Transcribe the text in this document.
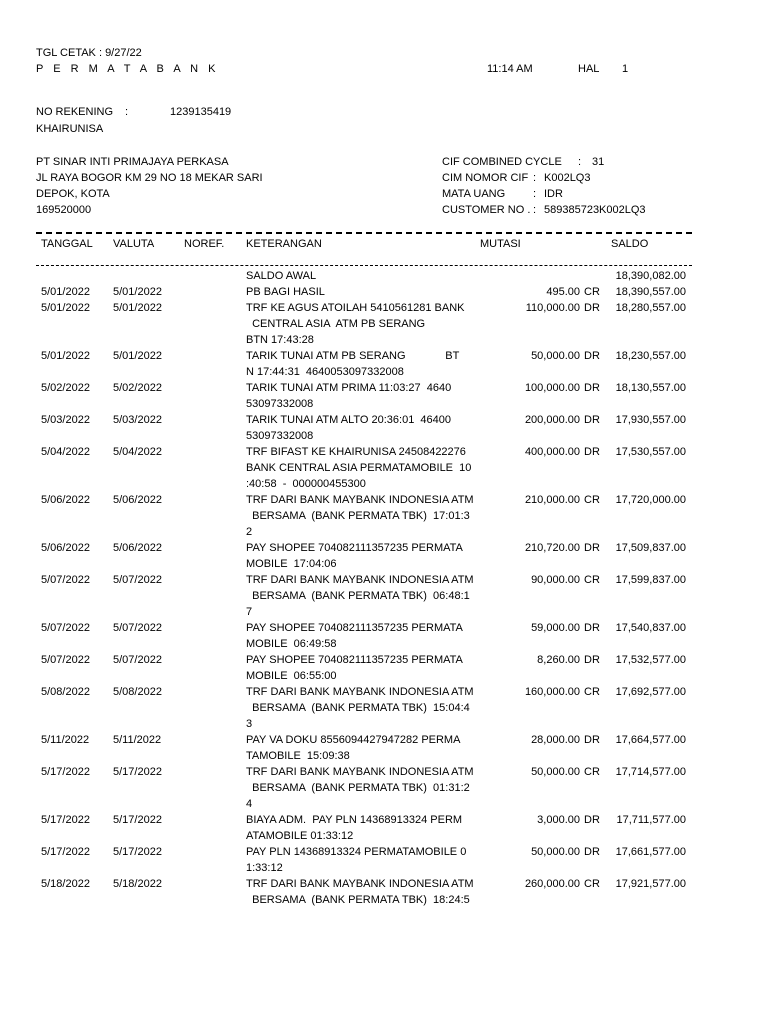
TGL CETAK : 9/27/22
P E R M A T A B A N K	11:14 AM	HAL 1
NO REKENING :	1239135419
KHAIRUNISA
PT SINAR INTI PRIMAJAYA PERKASA
JL RAYA BOGOR KM 29 NO 18 MEKAR SARI
DEPOK, KOTA
169520000
CIF COMBINED CYCLE : 31
CIM NOMOR CIF : K002LQ3
MATA UANG	: IDR
CUSTOMER NO . : 589385723K002LQ3
TANGGAL VALUTA	NOREF. KETERANGAN	MUTASI	SALDO
SALDO AWAL	18,390,082.00
5/01/2022 5/01/2022	PB BAGI HASIL	495.00 CR 18,390,557.00
5/01/2022 5/01/2022	TRF KE AGUS ATOILAH 5410561281 BANK
CENTRAL ASIA  ATM PB SERANG
BTN 17:43:28
110,000.00 DR 18,280,557.00
5/01/2022 5/01/2022	TARIK TUNAI ATM PB SERANG             BT
N 17:44:31  4640053097332008
50,000.00 DR 18,230,557.00
5/02/2022 5/02/2022	TARIK TUNAI ATM PRIMA 11:03:27  4640
53097332008
100,000.00 DR 18,130,557.00
5/03/2022 5/03/2022	TARIK TUNAI ATM ALTO 20:36:01  46400
53097332008
200,000.00 DR 17,930,557.00
5/04/2022 5/04/2022	TRF BIFAST KE KHAIRUNISA 24508422276
BANK CENTRAL ASIA PERMATAMOBILE  10
:40:58  -  000000455300
400,000.00 DR 17,530,557.00
5/06/2022 5/06/2022	TRF DARI BANK MAYBANK INDONESIA ATM
BERSAMA  (BANK PERMATA TBK)  17:01:3
2
210,000.00 CR 17,720,000.00
5/06/2022 5/06/2022	PAY SHOPEE 704082111357235 PERMATA
MOBILE  17:04:06
210,720.00 DR 17,509,837.00
5/07/2022 5/07/2022	TRF DARI BANK MAYBANK INDONESIA ATM
BERSAMA  (BANK PERMATA TBK)  06:48:1
7
90,000.00 CR 17,599,837.00
5/07/2022 5/07/2022	PAY SHOPEE 704082111357235 PERMATA
MOBILE  06:49:58
59,000.00 DR 17,540,837.00
5/07/2022 5/07/2022	PAY SHOPEE 704082111357235 PERMATA
MOBILE  06:55:00
8,260.00 DR 17,532,577.00
5/08/2022 5/08/2022	TRF DARI BANK MAYBANK INDONESIA ATM
BERSAMA  (BANK PERMATA TBK)  15:04:4
3
160,000.00 CR 17,692,577.00
5/11/2022 5/11/2022	PAY VA DOKU 8556094427947282 PERMA
TAMOBILE  15:09:38
28,000.00 DR 17,664,577.00
5/17/2022 5/17/2022	TRF DARI BANK MAYBANK INDONESIA ATM
BERSAMA  (BANK PERMATA TBK)  01:31:2
4
50,000.00 CR 17,714,577.00
5/17/2022 5/17/2022	BIAYA ADM.  PAY PLN 14368913324 PERM
ATAMOBILE 01:33:12
3,000.00 DR 17,711,577.00
5/17/2022 5/17/2022	PAY PLN 14368913324 PERMATAMOBILE 0
1:33:12
50,000.00 DR 17,661,577.00
5/18/2022 5/18/2022	TRF DARI BANK MAYBANK INDONESIA ATM
BERSAMA  (BANK PERMATA TBK)  18:24:5
260,000.00 CR 17,921,577.00
